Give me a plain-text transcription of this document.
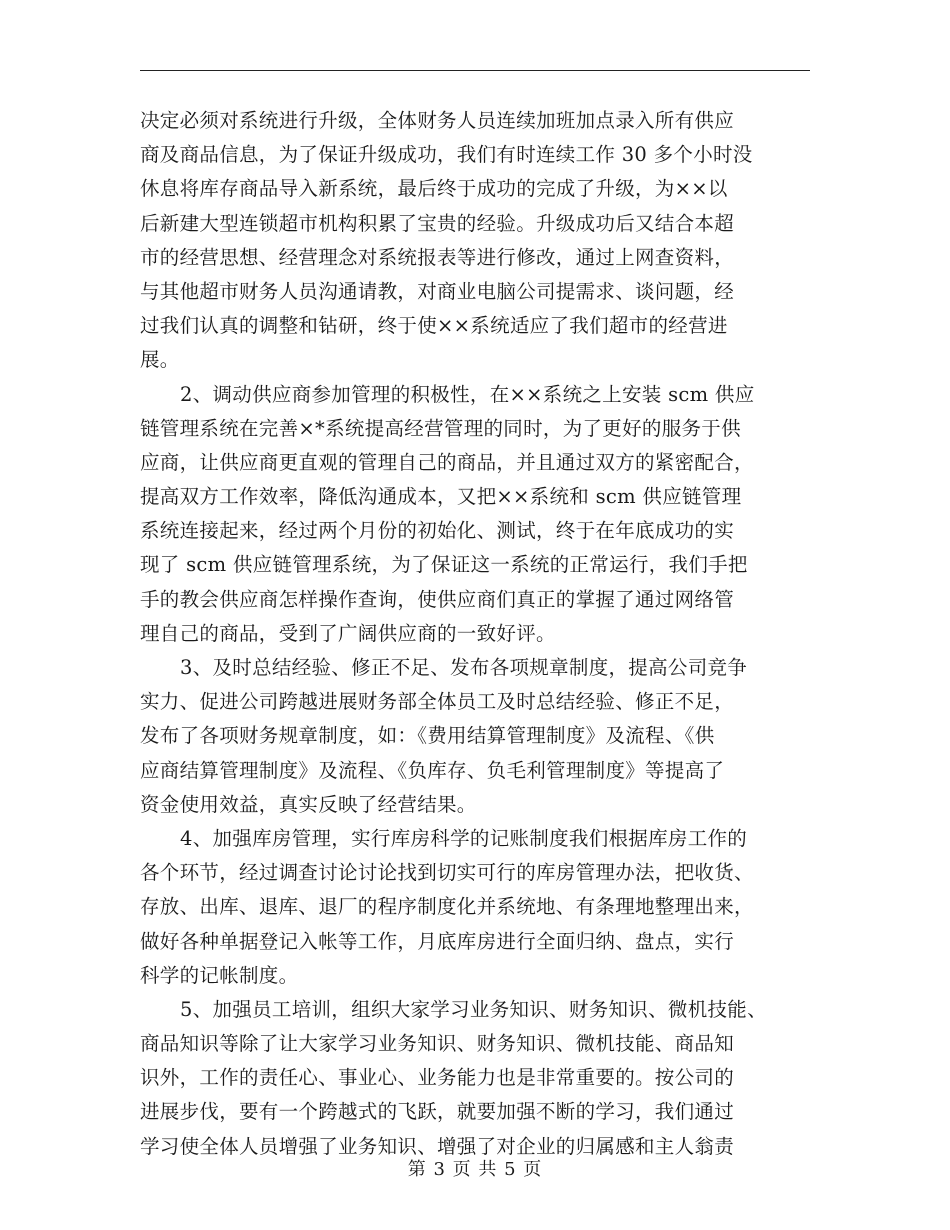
决定必须对系统进行升级，全体财务人员连续加班加点录入所有供应
商及商品信息，为了保证升级成功，我们有时连续工作 30 多个小时没
休息将库存商品导入新系统，最后终于成功的完成了升级，为××以
后新建大型连锁超市机构积累了宝贵的经验。升级成功后又结合本超
市的经营思想、经营理念对系统报表等进行修改，通过上网查资料，
与其他超市财务人员沟通请教，对商业电脑公司提需求、谈问题，经
过我们认真的调整和钻研，终于使××系统适应了我们超市的经营进
展。
2、调动供应商参加管理的积极性，在××系统之上安装 scm 供应
链管理系统在完善×*系统提高经营管理的同时，为了更好的服务于供
应商，让供应商更直观的管理自己的商品，并且通过双方的紧密配合，
提高双方工作效率，降低沟通成本，又把××系统和 scm 供应链管理
系统连接起来，经过两个月份的初始化、测试，终于在年底成功的实
现了 scm 供应链管理系统，为了保证这一系统的正常运行，我们手把
手的教会供应商怎样操作查询，使供应商们真正的掌握了通过网络管
理自己的商品，受到了广阔供应商的一致好评。
3、及时总结经验、修正不足、发布各项规章制度，提高公司竞争
实力、促进公司跨越进展财务部全体员工及时总结经验、修正不足，
发布了各项财务规章制度，如：《费用结算管理制度》及流程、《供
应商结算管理制度》及流程、《负库存、负毛利管理制度》等提高了
资金使用效益，真实反映了经营结果。
4、加强库房管理，实行库房科学的记账制度我们根据库房工作的
各个环节，经过调查讨论讨论找到切实可行的库房管理办法，把收货、
存放、出库、退库、退厂的程序制度化并系统地、有条理地整理出来，
做好各种单据登记入帐等工作，月底库房进行全面归纳、盘点，实行
科学的记帐制度。
5、加强员工培训，组织大家学习业务知识、财务知识、微机技能、
商品知识等除了让大家学习业务知识、财务知识、微机技能、商品知
识外，工作的责任心、事业心、业务能力也是非常重要的。按公司的
进展步伐，要有一个跨越式的飞跃，就要加强不断的学习，我们通过
学习使全体人员增强了业务知识、增强了对企业的归属感和主人翁责
第 3 页 共 5 页
